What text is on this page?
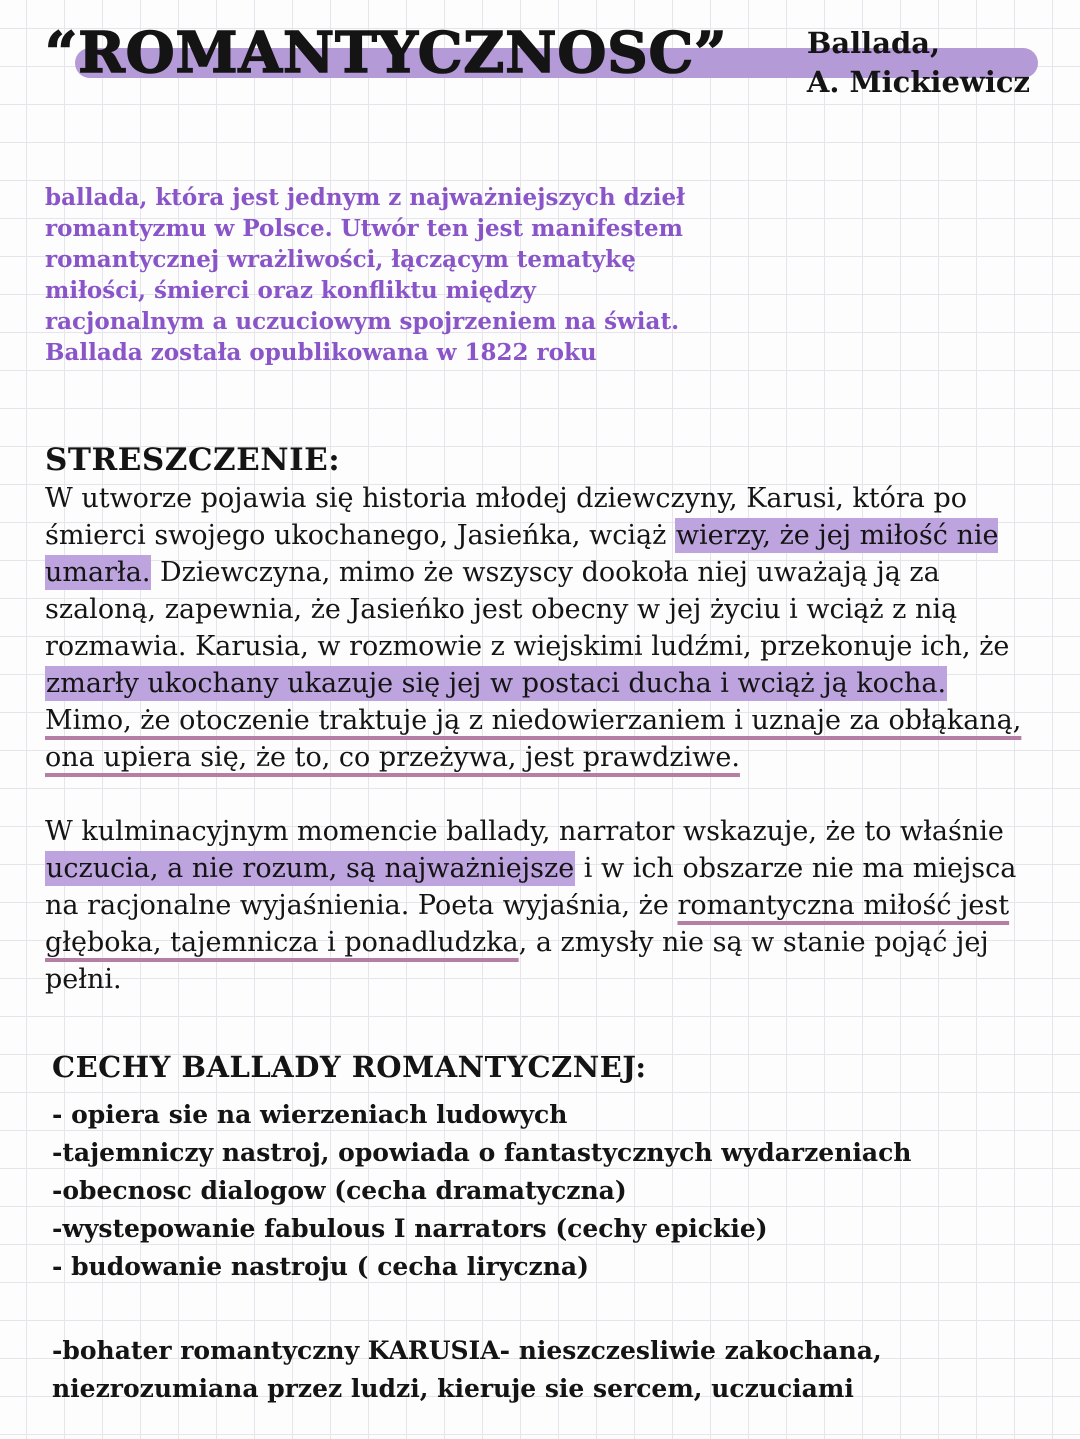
“ROMANTYCZNOSC”	Ballada,
A. Mickiewicz
ballada, która jest jednym z najważniejszych dzieł
romantyzmu w Polsce. Utwór ten jest manifestem
romantycznej wrażliwości, łączącym tematykę
miłości, śmierci oraz konfliktu między
racjonalnym a uczuciowym spojrzeniem na świat.
Ballada została opublikowana w 1822 roku
STRESZCZENIE:

W utworze pojawia się historia młodej dziewczyny, Karusi, która po śmierci swojego ukochanego, Jasieńka, wciąż wierzy, że jej miłość nie umarła. Dziewczyna, mimo że wszyscy dookoła niej uważają ją za szaloną, zapewnia, że Jasieńko jest obecny w jej życiu i wciąż z nią rozmawia. Karusia, w rozmowie z wiejskimi ludźmi, przekonuje ich, że zmarły ukochany ukazuje się jej w postaci ducha i wciąż ją kocha. Mimo, że otoczenie traktuje ją z niedowierzaniem i uznaje za obłąkaną, ona upiera się, że to, co przeżywa, jest prawdziwe.

W kulminacyjnym momencie ballady, narrator wskazuje, że to właśnie uczucia, a nie rozum, są najważniejsze i w ich obszarze nie ma miejsca na racjonalne wyjaśnienia. Poeta wyjaśnia, że romantyczna miłość jest głęboka, tajemnicza i ponadludzka, a zmysły nie są w stanie pojąć jej pełni.

CECHY BALLADY ROMANTYCZNEJ:
- opiera sie na wierzeniach ludowych
-tajemniczy nastroj, opowiada o fantastycznych wydarzeniach
-obecnosc dialogow (cecha dramatyczna)
-wystepowanie fabulous I narrators (cechy epickie)
- budowanie nastroju ( cecha liryczna)
-bohater romantyczny KARUSIA- nieszczesliwie zakochana,
niezrozumiana przez ludzi, kieruje sie sercem, uczuciami
